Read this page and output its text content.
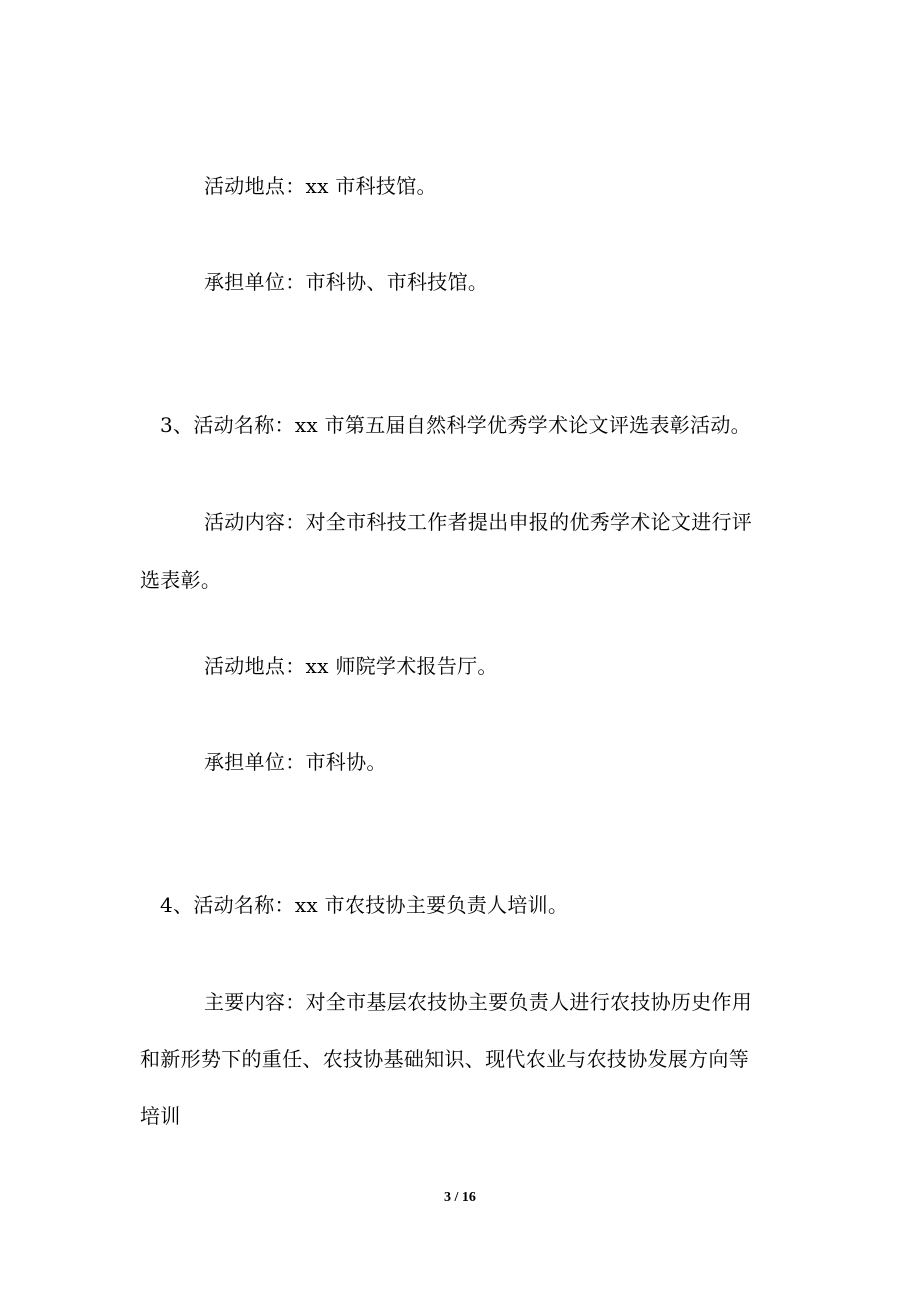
活动地点：xx 市科技馆。

承担单位：市科协、市科技馆。

3、活动名称：xx 市第五届自然科学优秀学术论文评选表彰活动。

活动内容：对全市科技工作者提出申报的优秀学术论文进行评

选表彰。

活动地点：xx 师院学术报告厅。

承担单位：市科协。

4、活动名称：xx 市农技协主要负责人培训。

主要内容：对全市基层农技协主要负责人进行农技协历史作用

和新形势下的重任、农技协基础知识、现代农业与农技协发展方向等

培训

3 / 16
